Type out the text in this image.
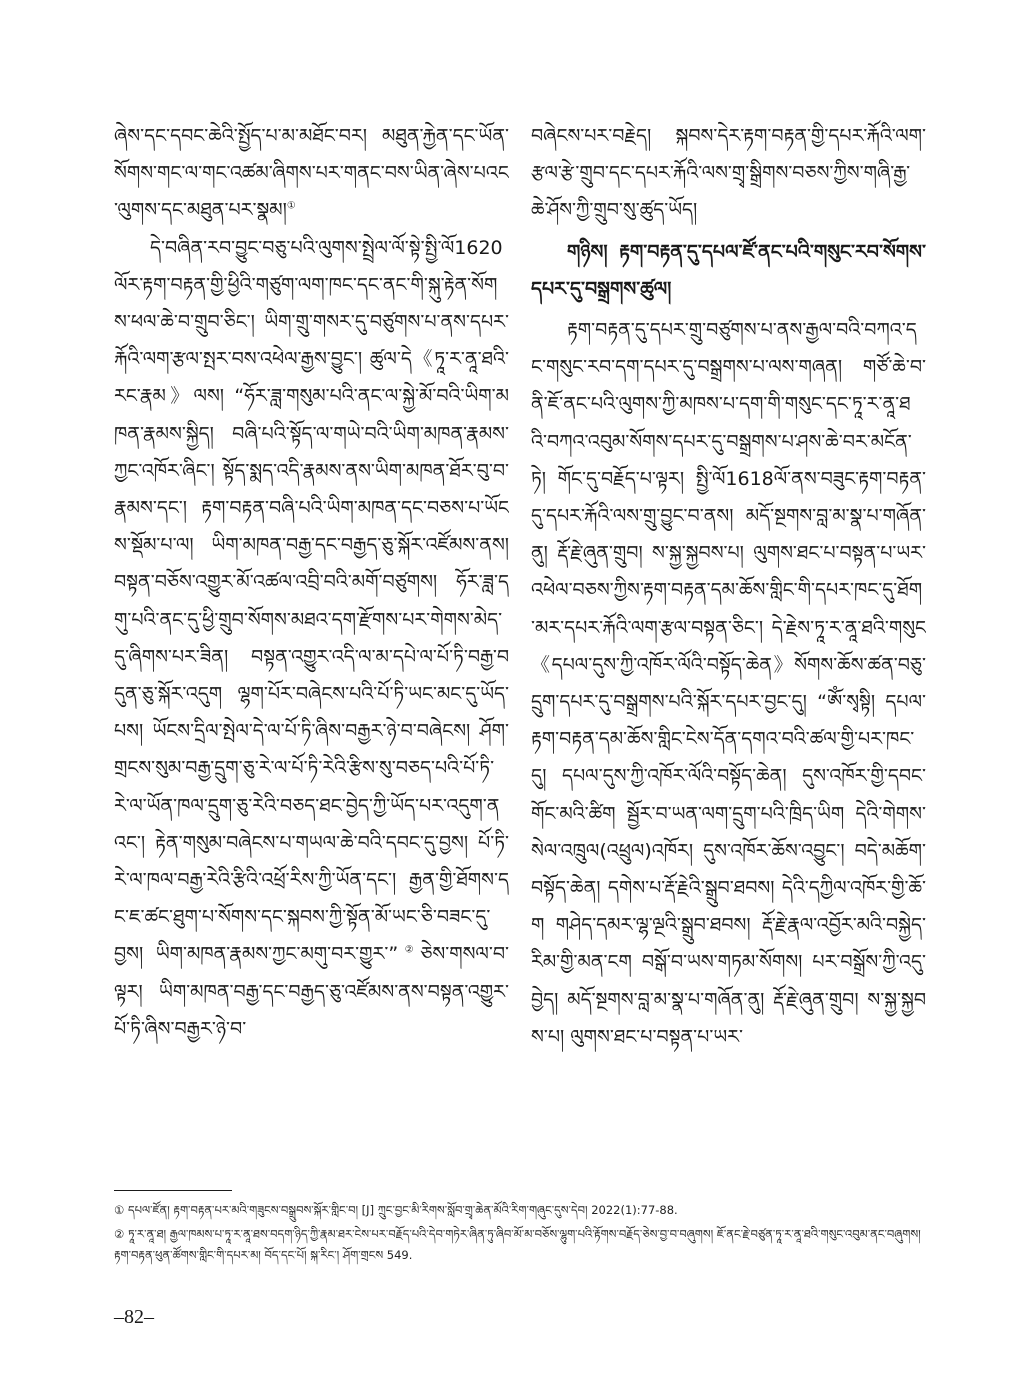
ཞེས་དང་དབང་ཆེའི་སྤྱོད་པ་མ་མཐོང་བར། མཐུན་རྐྱེན་དང་ཡོན་སོགས་གང་ལ་གང་འཚམ་ཞིགས་པར་གནང་བས་ཡིན་ཞེས་པའང་ལུགས་དང་མཐུན་པར་སྣམ།①

དེ་བཞིན་རབ་བྱུང་བཅུ་པའི་ལུགས་སྤྲེལ་ལོ་སྟེ་སྤྱི་ལོ1620ལོར་རྟག་བརྟན་གྱི་ཕྱིའི་གཙུག་ལག་ཁང་དང་ནང་གི་སྐུ་རྟེན་སོགས་ཕལ་ཆེ་བ་གྲུབ་ཅིང་། ཡིག་གྲུ་གསར་དུ་བཙུགས་པ་ནས་དཔར་རྐོའི་ལག་རྩལ་སྤར་བས་འཕེལ་རྒྱས་བྱུང་། ཚུལ་དེ《ཏཱ་ར་ནཱ་ཐའི་རང་རྣམ》ལས། “ཧོར་ཟླ་གསུམ་པའི་ནང་ལ་སྐྱེ་མོ་བའི་ཡིག་མཁན་རྣམས་སྐྱིད། བཞི་པའི་སྟོད་ལ་གཡེ་བའི་ཡིག་མཁན་རྣམས་ཀྱང་འཁོར་ཞིང་། སྟོད་སྨད་འདི་རྣམས་ནས་ཡིག་མཁན་ཐོར་བུ་བ་རྣམས་དང་། རྟག་བརྟན་བཞི་པའི་ཡིག་མཁན་དང་བཅས་པ་ཡོངས་སྡོམ་པ་ལ། ཡིག་མཁན་བརྒྱ་དང་བརྒྱད་ཅུ་སྐོར་འཛོམས་ནས། བསྟན་བཅོས་འགྱུར་མོ་འཚལ་འབྲི་བའི་མགོ་བཙུགས། ཧོར་ཟླ་དགུ་པའི་ནང་དུ་ཕྱི་གྲུབ་སོགས་མཐའ་དག་རྫོགས་པར་གེགས་མེད་དུ་ཞིགས་པར་ཟིན། བསྟན་འགྱུར་འདི་ལ་མ་དཔེ་ལ་པོ་ཏི་བརྒྱ་བདུན་ཅུ་སྐོར་འདུག ལྷག་པོར་བཞེངས་པའི་པོ་ཏི་ཡང་མང་དུ་ཡོད་པས། ཡོངས་དྲིལ་སྤེལ་དེ་ལ་པོ་ཏི་ཞིས་བརྒྱར་ཉེ་བ་བཞེངས། ཤོག་གྲངས་སུམ་བརྒྱ་དྲུག་ཅུ་རེ་ལ་པོ་ཏི་རེའི་རྩིས་སུ་བཅད་པའི་པོ་ཏི་རེ་ལ་ཡོན་ཁལ་དྲུག་ཅུ་རེའི་བཅད་ཐང་བྱེད་ཀྱི་ཡོད་པར་འདུག་ནའང་། རྟེན་གསུམ་བཞེངས་པ་གཡལ་ཆེ་བའི་དབང་དུ་བྱས། པོ་ཏི་རེ་ལ་ཁལ་བརྒྱ་རེའི་རྩིའི་འཕྲོ་རིས་ཀྱི་ཡོན་དང་། རྒྱན་གྱི་ཐོགས་དང་ཇ་ཚང་ཐུག་པ་སོགས་དང་སྐབས་ཀྱི་སྟོན་མོ་ཡང་ཅི་བཟང་དུ་བྱས། ཡིག་མཁན་རྣམས་ཀྱང་མགུ་བར་གྱུར་”②ཅེས་གསལ་བ་ལྟར། ཡིག་མཁན་བརྒྱ་དང་བརྒྱད་ཅུ་འཛོམས་ནས་བསྟན་འགྱུར་པོ་ཏི་ཞིས་བརྒྱར་ཉེ་བ་

བཞེངས་པར་བརྗེད། སྐབས་དེར་རྟག་བརྟན་གྱི་དཔར་རྐོའི་ལག་རྩལ་རྩེ་གྲུབ་དང་དཔར་རྐོའི་ལས་གྲྭ་སྒྲིགས་བཅས་ཀྱིས་གཞི་རྒྱ་ཆེ་ཤོས་ཀྱི་གྲུབ་སུ་ཚུད་ཡོད།

གཉིས། རྟག་བརྟན་དུ་དཔལ་ཛོ་ནང་པའི་གསུང་རབ་སོགས་དཔར་དུ་བསྒྲགས་ཚུལ།

རྟག་བརྟན་དུ་དཔར་གྲུ་བཙུགས་པ་ནས་རྒྱལ་བའི་བཀའ་དང་གསུང་རབ་དག་དཔར་དུ་བསྒྲགས་པ་ལས་གཞན། གཙོ་ཆེ་བ་ནི་ཇོ་ནང་པའི་ལུགས་ཀྱི་མཁས་པ་དག་གི་གསུང་དང་ཏཱ་ར་ནཱ་ཐའི་བཀའ་འབུམ་སོགས་དཔར་དུ་བསྒྲགས་པ་ཤས་ཆེ་བར་མངོན་ཏེ། གོང་དུ་བརྗོད་པ་ལྟར། སྤྱི་ལོ1618ལོ་ནས་བཟུང་རྟག་བརྟན་དུ་དཔར་རྐོའི་ལས་གྲུ་བྱུང་བ་ནས། མདོ་སྔགས་བླ་མ་སྣ་པ་གཞོན་ནུ། རྡོ་རྗེ་ཞུན་གྲུབ། ས་སྐྱ་སྐྱབས་པ། ལུགས་ཐང་པ་བསྟན་པ་ཡར་འཕེལ་བཅས་ཀྱིས་རྟག་བརྟན་དམ་ཆོས་གླིང་གི་དཔར་ཁང་དུ་ཐོག་མར་དཔར་རྐོའི་ལག་རྩལ་བསྟན་ཅིང་། དེ་རྗེས་ཏཱ་ར་ནཱ་ཐའི་གསུང《དཔལ་དུས་ཀྱི་འཁོར་ལོའི་བསྟོད་ཆེན》སོགས་ཆོས་ཚན་བཅུ་དྲུག་དཔར་དུ་བསྒྲགས་པའི་སྐོར་དཔར་བྱང་དུ། “ཨོཾ་སྭསྟི། དཔལ་རྟག་བརྟན་དམ་ཆོས་གླིང་ངེས་དོན་དགའ་བའི་ཚལ་གྱི་པར་ཁང་དུ། དཔལ་དུས་ཀྱི་འཁོར་ལོའི་བསྟོད་ཆེན། དུས་འཁོར་གྱི་དབང་གོང་མའི་ཚིག སྦྱོར་བ་ཡན་ལག་དྲུག་པའི་ཁྲིད་ཡིག དེའི་གེགས་སེལ་འཁྲུལ(འཕྲུལ)འཁོར། དུས་འཁོར་ཆོས་འབྱུང་། བདེ་མཆོག་བསྟོད་ཆེན། དགེས་པ་རྡོ་རྗེའི་སྒྲུབ་ཐབས། དེའི་དཀྱིལ་འཁོར་གྱི་ཆོ་ག གཤེད་དམར་ལྷ་ལྔའི་སྒྲུབ་ཐབས། རྡོ་རྗེ་རྣལ་འབྱོར་མའི་བསྐྱེད་རིམ་གྱི་མན་ངག བསྒོ་བ་ཡས་གཏམ་སོགས། པར་བསྒྲོས་ཀྱི་འདུ་བྱེད། མདོ་སྔགས་བླ་མ་སྣ་པ་གཞོན་ནུ། རྡོ་རྗེ་ཞུན་གྲུབ། ས་སྐྱ་སྐྱབས་པ། ལུགས་ཐང་པ་བསྟན་པ་ཡར་

① དཔལ་ཛོན། རྟག་བརྟན་པར་མའི་གཟུངས་བསྒྲུབས་སྐོར་གླིང་བ། [J] ཀྲུང་བྱང་མི་རིགས་སློབ་གྲྭ་ཆེན་མོའི་རིག་གཞུང་དུས་དེབ། 2022(1):77-88.

② ཏཱ་ར་ནཱ་ཐ། རྒྱལ་ཁམས་པ་ཏཱ་ར་ནཱ་ཐས་བདག་ཉིད་ཀྱི་རྣམ་ཐར་ངེས་པར་བརྗོད་པའི་དེབ་གཏེར་ཞིན་ཏུ་ཞིབ་མོ་མ་བཅོས་ལྷུག་པའི་རྟོགས་བརྗོད་ཅེས་བྱ་བ་བཞུགས། ཇོ་ནང་རྗེ་བཙུན་ཏཱ་ར་ནཱ་ཐའི་གསུང་འབུམ་ནང་བཞུགས། རྟག་བརྟན་ཕུན་ཚོགས་གླིང་གི་དཔར་མ། བོད་དང་པོ། སྐ་རིང་། ཤོག་གྲངས 549.

–82–
